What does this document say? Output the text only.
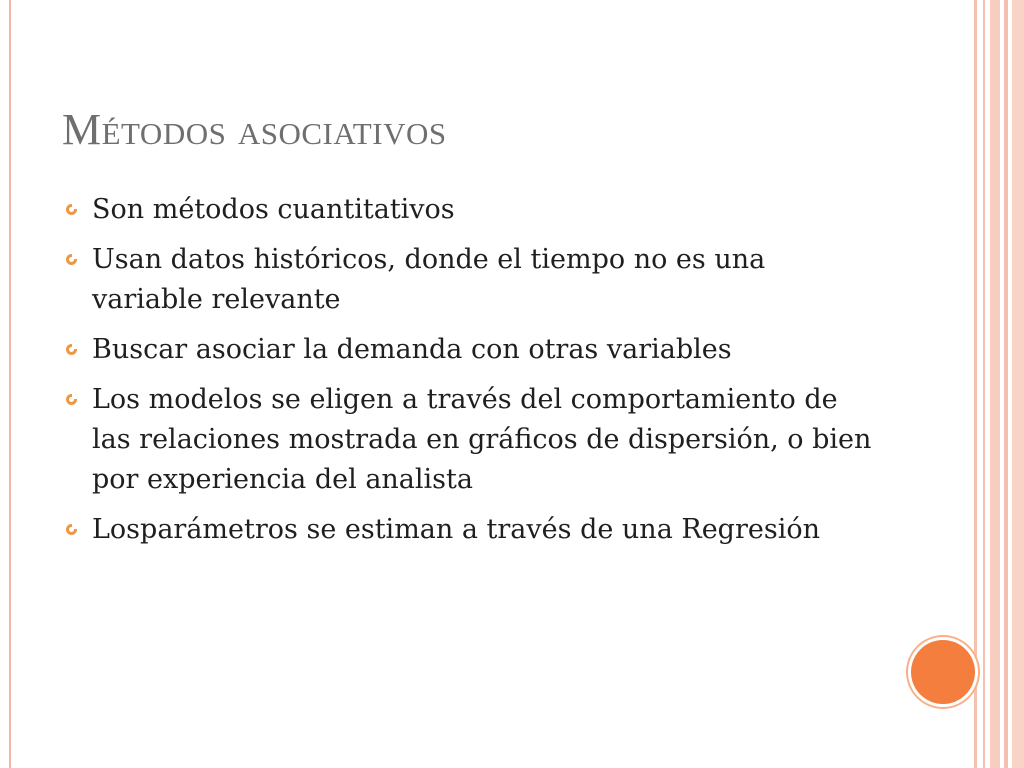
Métodos asociativos
Son métodos cuantitativos
Usan datos históricos, donde el tiempo no es una variable relevante
Buscar asociar la demanda con otras variables
Los modelos se eligen a través del comportamiento de las relaciones mostrada en gráficos de dispersión, o bien por experiencia del analista
Losparámetros se estiman a través de una Regresión
